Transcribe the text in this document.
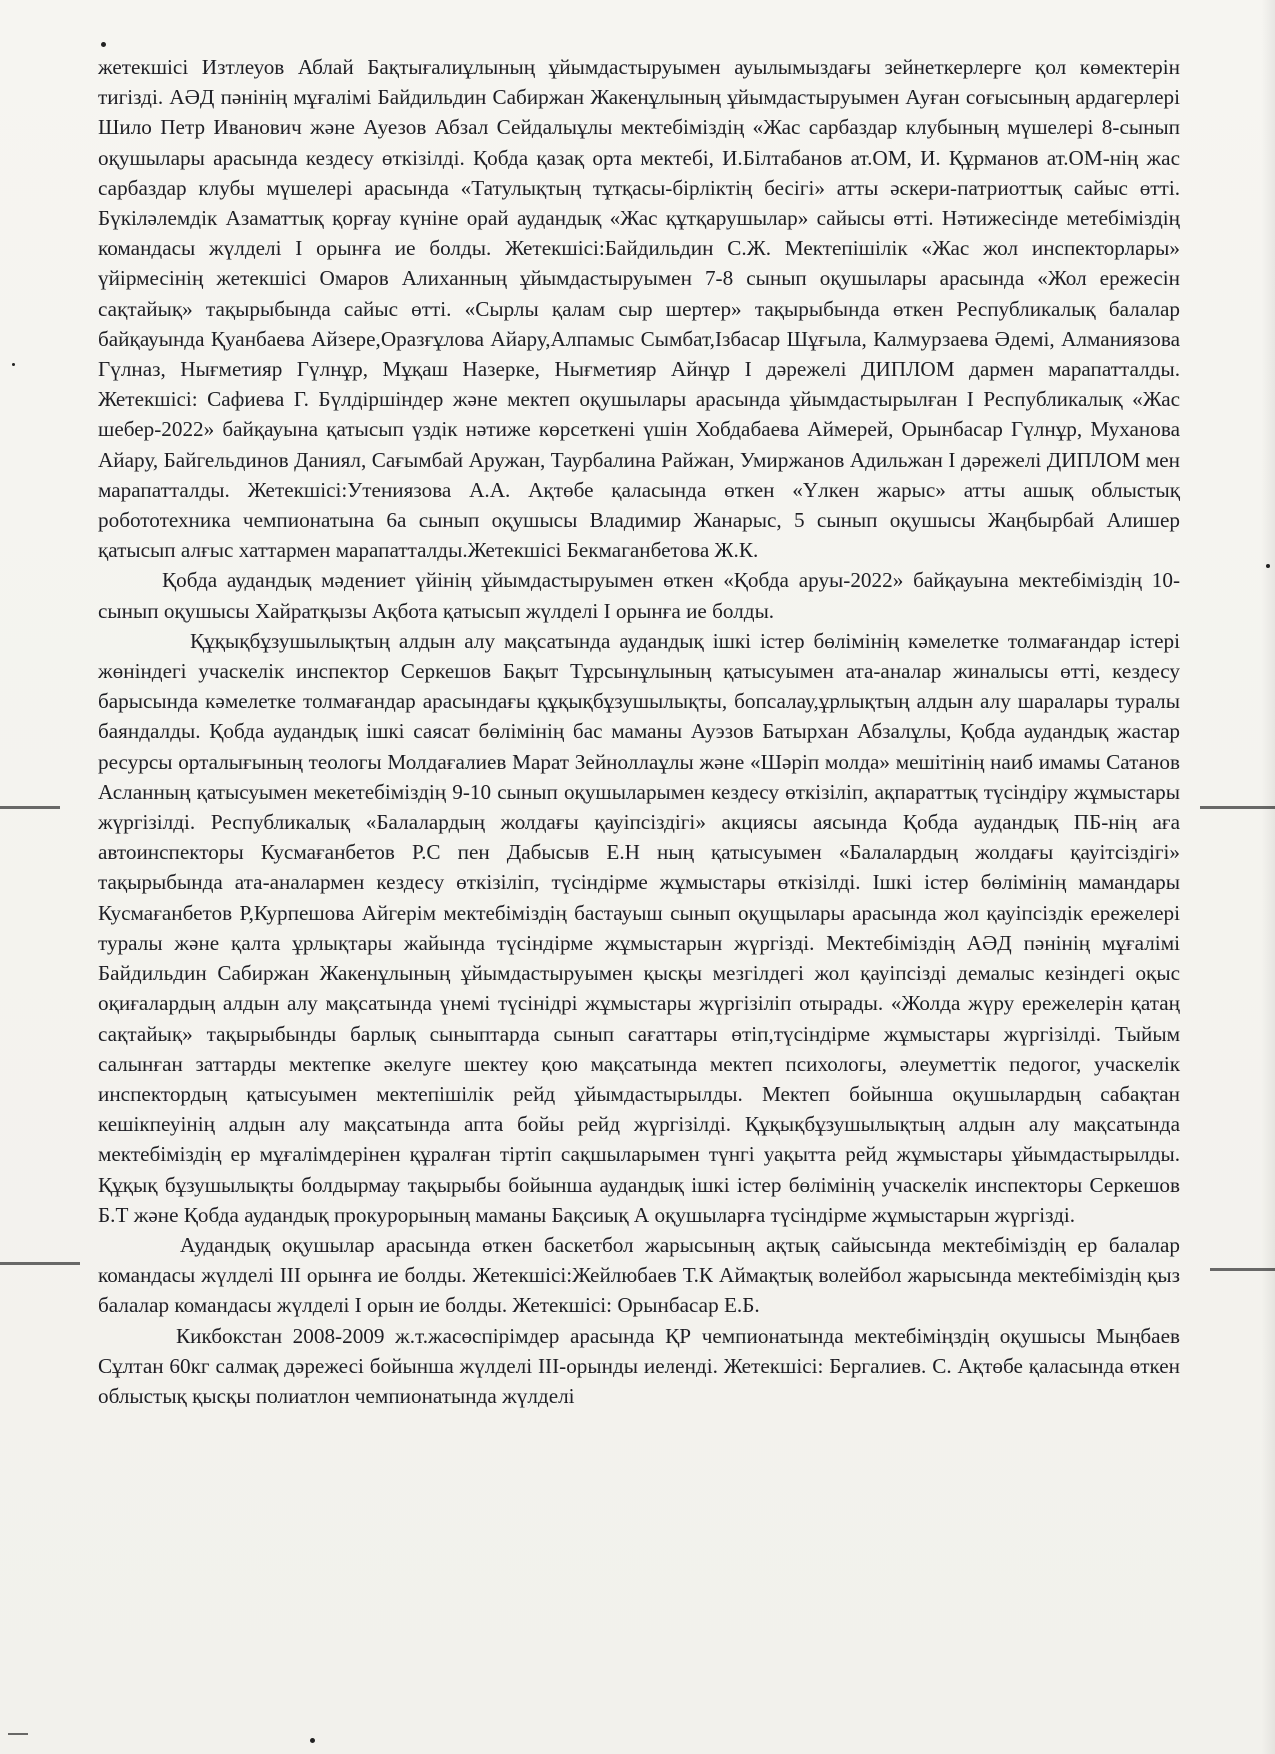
жетекшісі Изтлеуов Аблай Бақтығалиұлының ұйымдастыруымен ауылымыздағы зейнеткерлерге қол көмектерін тигізді. АӘД пәнінің мұғалімі Байдильдин Сабиржан Жакенұлының ұйымдастыруымен Ауған соғысының ардагерлері Шило Петр Иванович және Ауезов Абзал Сейдалыұлы мектебіміздің «Жас сарбаздар клубының мүшелері 8-сынып оқушылары арасында кездесу өткізілді. Қобда қазақ орта мектебі, И.Білтабанов ат.ОМ, И. Құрманов ат.ОМ-нің жас сарбаздар клубы мүшелері арасында «Татулықтың тұтқасы-бірліктің бесігі» атты әскери-патриоттық сайыс өтті. Бүкіләлемдік Азаматтық қорғау күніне орай аудандық «Жас құтқарушылар» сайысы өтті. Нәтижесінде метебіміздің командасы жүлделі I орынға ие болды. Жетекшісі:Байдильдин С.Ж. Мектепішілік «Жас жол инспекторлары» үйірмесінің жетекшісі Омаров Алиханның ұйымдастыруымен 7-8 сынып оқушылары арасында «Жол ережесін сақтайық» тақырыбында сайыс өтті. «Сырлы қалам сыр шертер» тақырыбында өткен Республикалық балалар байқауында Қуанбаева Айзере,Оразғұлова Айару,Алпамыс Сымбат,Ізбасар Шұғыла, Калмурзаева Әдемі, Алманиязова Гүлназ, Нығметияр Гүлнұр, Мұқаш Назерке, Нығметияр Айнұр I дәрежелі ДИПЛОМ дармен марапатталды. Жетекшісі: Сафиева Г. Бүлдіршіндер және мектеп оқушылары арасында ұйымдастырылған I Республикалық «Жас шебер-2022» байқауына қатысып үздік нәтиже көрсеткені үшін Хобдабаева Аймерей, Орынбасар Гүлнұр, Муханова Айару, Байгельдинов Даниял, Сағымбай Аружан, Таурбалина Райжан, Умиржанов Адильжан I дәрежелі ДИПЛОМ мен марапатталды. Жетекшісі:Утениязова А.А. Ақтөбе қаласында өткен «Үлкен жарыс» атты ашық облыстық робототехника чемпионатына 6а сынып оқушысы Владимир Жанарыс, 5 сынып оқушысы Жаңбырбай Алишер қатысып алғыс хаттармен марапатталды.Жетекшісі Бекмаганбетова Ж.К.

Қобда аудандық мәдениет үйінің ұйымдастыруымен өткен «Қобда аруы-2022» байқауына мектебіміздің 10-сынып оқушысы Хайратқызы Ақбота қатысып жүлделі I орынға ие болды.

Құқықбұзушылықтың алдын алу мақсатында аудандық ішкі істер бөлімінің кәмелетке толмағандар істері жөніндегі учаскелік инспектор Серкешов Бақыт Тұрсынұлының қатысуымен ата-аналар жиналысы өтті, кездесу барысында кәмелетке толмағандар арасындағы құқықбұзушылықты, бопсалау,ұрлықтың алдын алу шаралары туралы баяндалды. Қобда аудандық ішкі саясат бөлімінің бас маманы Ауэзов Батырхан Абзалұлы, Қобда аудандық жастар ресурсы орталығының теологы Молдағалиев Марат Зейноллаұлы және «Шәріп молда» мешітінің наиб имамы Сатанов Асланның қатысуымен мекетебіміздің 9-10 сынып оқушыларымен кездесу өткізіліп, ақпараттық түсіндіру жұмыстары жүргізілді. Республикалық «Балалардың жолдағы қауіпсіздігі» акциясы аясында Қобда аудандық ПБ-нің аға автоинспекторы Кусмағанбетов Р.С пен Дабысыв Е.Н ның қатысуымен «Балалардың жолдағы қауітсіздігі» тақырыбында ата-аналармен кездесу өткізіліп, түсіндірме жұмыстары өткізілді. Ішкі істер бөлімінің мамандары Кусмағанбетов Р,Курпешова Айгерім мектебіміздің бастауыш сынып оқущылары арасында жол қауіпсіздік ережелері туралы және қалта ұрлықтары жайында түсіндірме жұмыстарын жүргізді. Мектебіміздің АӘД пәнінің мұғалімі Байдильдин Сабиржан Жакенұлының ұйымдастыруымен қысқы мезгілдегі жол қауіпсізді демалыс кезіндегі оқыс оқиғалардың алдын алу мақсатында үнемі түсінідрі жұмыстары жүргізіліп отырады. «Жолда жүру ережелерін қатаң сақтайық» тақырыбынды барлық сыныптарда сынып сағаттары өтіп,түсіндірме жұмыстары жүргізілді. Тыйым салынған заттарды мектепке әкелуге шектеу қою мақсатында мектеп психологы, әлеуметтік педогог, учаскелік инспектордың қатысуымен мектепішілік рейд ұйымдастырылды. Мектеп бойынша оқушылардың сабақтан кешікпеуінің алдын алу мақсатында апта бойы рейд жүргізілді. Құқықбұзушылықтың алдын алу мақсатында мектебіміздің ер мұғалімдерінен құралған тіртіп сақшыларымен түнгі уақытта рейд жұмыстары ұйымдастырылды. Құқық бұзушылықты болдырмау тақырыбы бойынша аудандық ішкі істер бөлімінің учаскелік инспекторы Серкешов Б.Т және Қобда аудандық прокурорының маманы Бақсиық А оқушыларға түсіндірме жұмыстарын жүргізді.

Аудандық оқушылар арасында өткен баскетбол жарысының ақтық сайысында мектебіміздің ер балалар командасы жүлделі III орынға ие болды. Жетекшісі:Жейлюбаев Т.К Аймақтық волейбол жарысында мектебіміздің қыз балалар командасы жүлделі I орын ие болды. Жетекшісі: Орынбасар Е.Б.

Кикбокстан 2008-2009 ж.т.жасөспірімдер арасында ҚР чемпионатында мектебіміңздің оқушысы Мыңбаев Сұлтан 60кг салмақ дәрежесі бойынша жүлделі III-орынды иеленді. Жетекшісі: Бергалиев. С. Ақтөбе қаласында өткен облыстық қысқы полиатлон чемпионатында жүлделі
